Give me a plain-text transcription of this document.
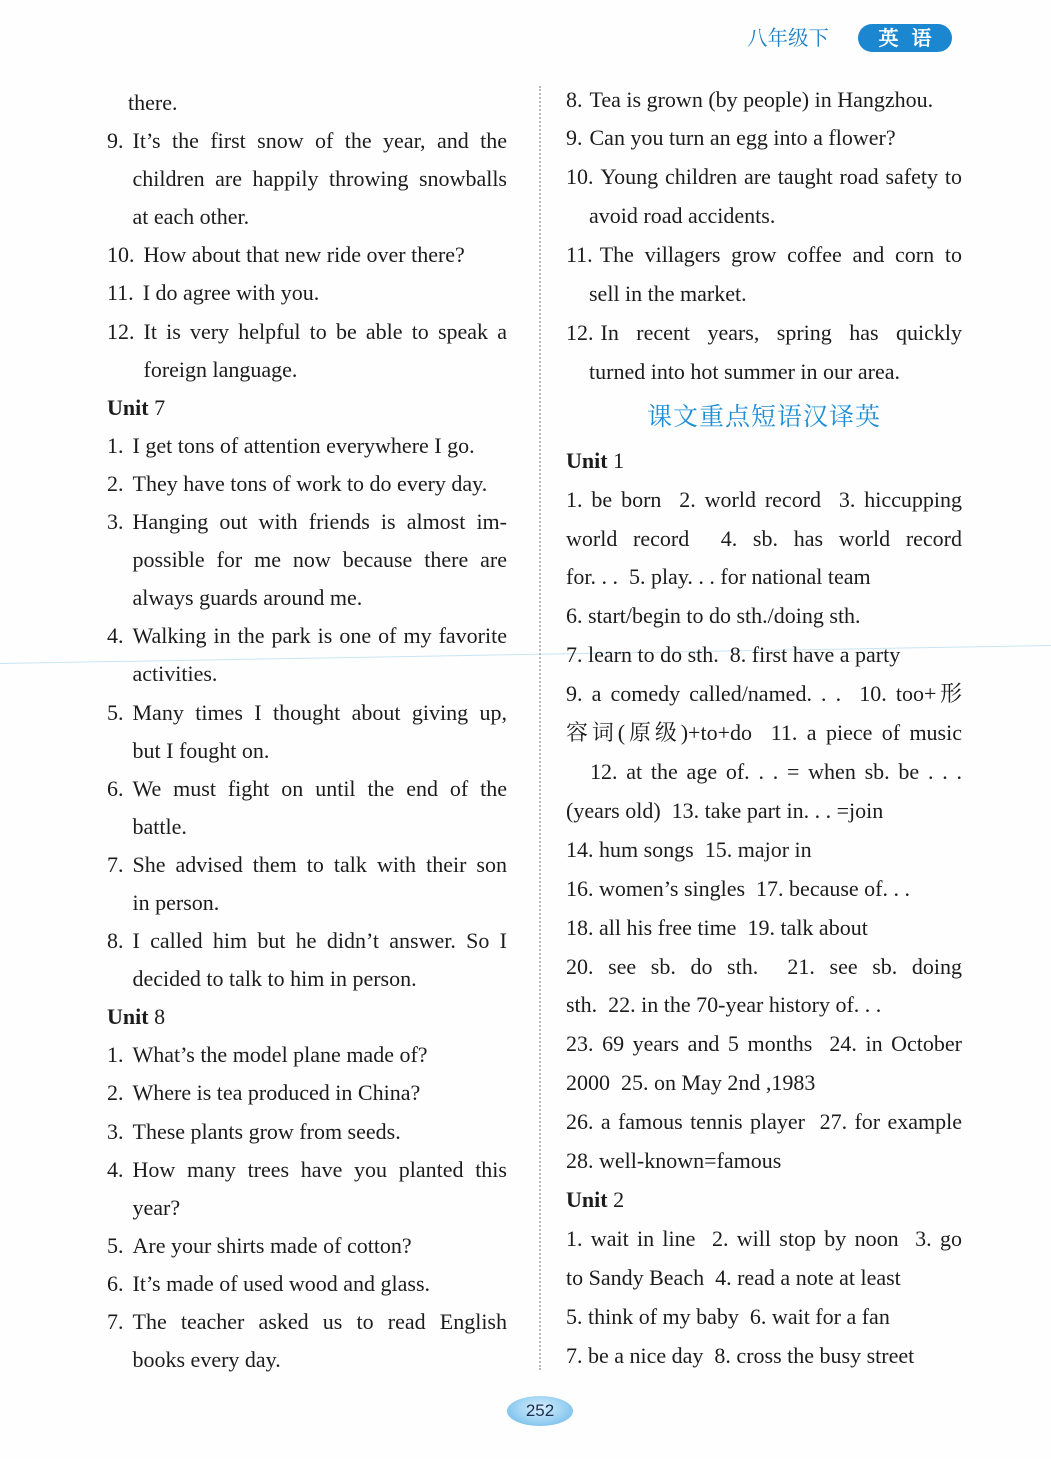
八年级下	英 语
there.
9. It’s the first snow of the year, and the
children are happily throwing snowballs
at each other.
10. How about that new ride over there?
11. I do agree with you.
12. It is very helpful to be able to speak a
foreign language.
Unit 7
1. I get tons of attention everywhere I go.
2. They have tons of work to do every day.
3. Hanging out with friends is almost im-
possible for me now because there are
always guards around me.
4. Walking in the park is one of my favorite
activities.
5. Many times I thought about giving up,
but I fought on.
6. We must fight on until the end of the
battle.
7. She advised them to talk with their son
in person.
8. I called him but he didn’t answer. So I
decided to talk to him in person.
Unit 8
1. What’s the model plane made of?
2. Where is tea produced in China?
3. These plants grow from seeds.
4. How many trees have you planted this
year?
5. Are your shirts made of cotton?
6. It’s made of used wood and glass.
7. The teacher asked us to read English
books every day.
8. Tea is grown (by people) in Hangzhou.
9. Can you turn an egg into a flower?
10. Young children are taught road safety to
avoid road accidents.
11. The villagers grow coffee and corn to
sell in the market.
12. In recent years, spring has quickly
turned into hot summer in our area.
课文重点短语汉译英
Unit 1
1. be born  2. world record  3. hiccupping
world record  4. sb. has world record
for. . .  5. play. . . for national team
6. start/begin to do sth./doing sth.
7. learn to do sth.  8. first have a party
9. a comedy called/named. . .  10. too+形
容词(原级)+to+do  11. a piece of music
12. at the age of. . . = when sb. be . . .
(years old)  13. take part in. . . =join
14. hum songs  15. major in
16. women’s singles  17. because of. . .
18. all his free time  19. talk about
20. see sb. do sth.  21. see sb. doing
sth.  22. in the 70-year history of. . .
23. 69 years and 5 months  24. in October
2000  25. on May 2nd ,1983
26. a famous tennis player  27. for example
28. well-known=famous
Unit 2
1. wait in line  2. will stop by noon  3. go
to Sandy Beach  4. read a note at least
5. think of my baby  6. wait for a fan
7. be a nice day  8. cross the busy street
252
